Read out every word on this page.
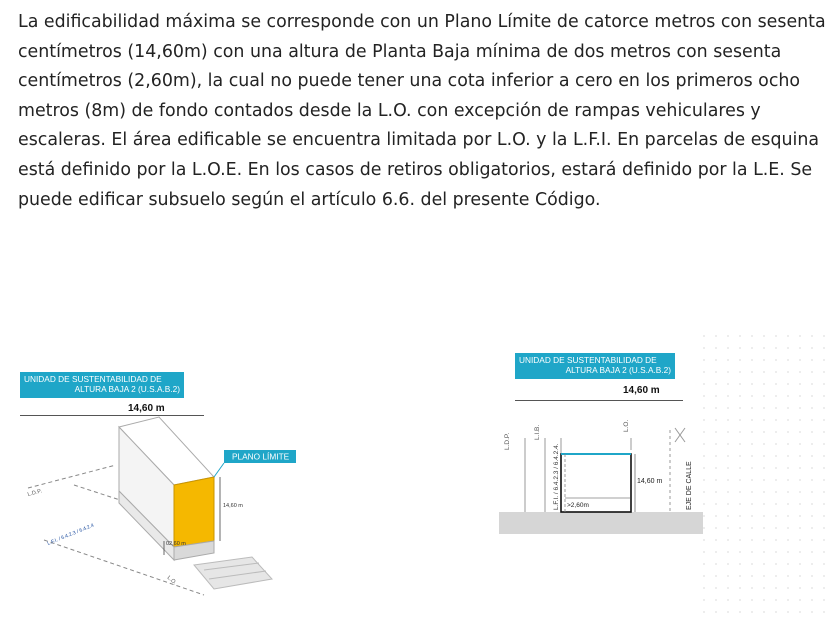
La edificabilidad máxima se corresponde con un Plano Límite de catorce metros con sesenta centímetros (14,60m) con una altura de Planta Baja mínima de dos metros con sesenta centímetros (2,60m), la cual no puede tener una cota inferior a cero en los primeros ocho metros (8m) de fondo contados desde la L.O. con excepción de rampas vehiculares y escaleras. El área edificable se encuentra limitada por L.O. y la L.F.I. En parcelas de esquina está definido por la L.O.E. En los casos de retiros obligatorios, estará definido por la L.E. Se puede edificar subsuelo según el artículo 6.6. del presente Código.

UNIDAD DE SUSTENTABILIDAD DE
ALTURA BAJA 2 (U.S.A.B.2)
14,60 m
PLANO LÍMITE
14,60 m
02,60 m
L.D.P.
L.F.I. / 6.4.2.3 / 6.4.2.4
L.O.
UNIDAD DE SUSTENTABILIDAD DE
ALTURA BAJA 2 (U.S.A.B.2)
14,60 m
L.D.P.
L.I.B.
L.F.I. / 6.4.2.3 / 6.4.2.4.
L.O.
14,60 m
>2,60m	EJE DE CALLE
